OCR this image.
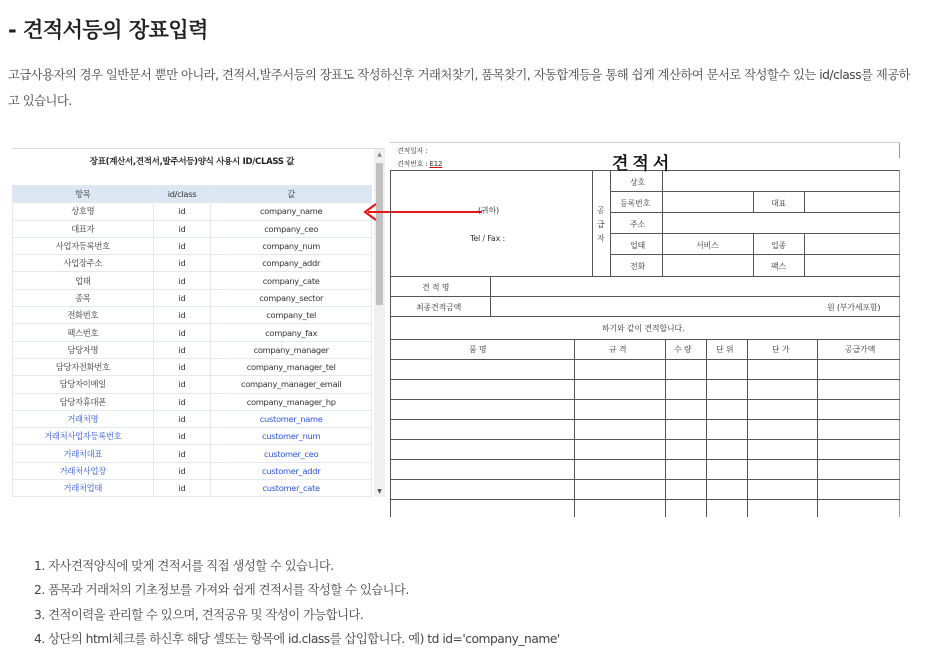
- 견적서등의 장표입력
고급사용자의 경우 일반문서 뿐만 아니라, 견적서,발주서등의 장표도 작성하신후 거래처찾기, 품목찾기, 자동합계등을 통해 쉽게 계산하여 문서로 작성할수 있는 id/class를 제공하고 있습니다.
장표(계산서,견적서,발주서등)양식 사용시 ID/CLASS 값
항목	id/class	값
상호명	id	company_name
대표자	id	company_ceo
사업자등록번호	id	company_num
사업장주소	id	company_addr
업태	id	company_cate
종목	id	company_sector
전화번호	id	company_tel
팩스번호	id	company_fax
담당자명	id	company_manager
담당자전화번호	id	company_manager_tel
담당자이메일	id	company_manager_email
담당자휴대폰	id	company_manager_hp
거래처명	id	customer_name
거래처사업자등록번호	id	customer_num
거래처대표	id	customer_ceo
거래처사업장	id	customer_addr
거래처업태	id	customer_cate
▲
▼
견적일자 :
견적번호 : E12	견적서
(귀하)
Tel / Fax :
공
급
자
상호
등록번호	대표
주소
업태	서비스	업종
전화	팩스
견 적 명
최종견적금액	원 (부가세포함)
하기와 같이 견적합니다.
품 명	규 격	수 량	단 위	단 가	공급가액
1. 자사견적양식에 맞게 견적서를 직접 생성할 수 있습니다.
2. 품목과 거래처의 기초정보를 가져와 쉽게 견적서를 작성할 수 있습니다.
3. 견적이력을 관리할 수 있으며, 견적공유 및 작성이 가능합니다.
4. 상단의 html체크를 하신후 해당 셀또는 항목에 id.class를 삽입합니다. 예) td id='company_name'
